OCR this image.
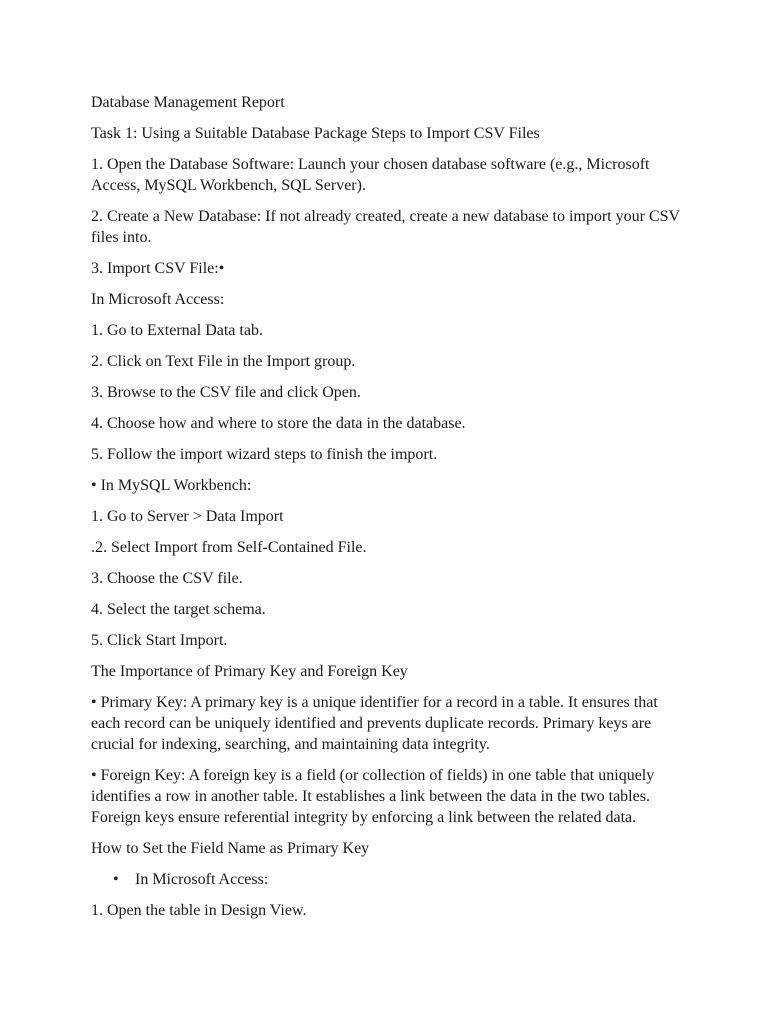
Database Management Report

Task 1: Using a Suitable Database Package Steps to Import CSV Files

1. Open the Database Software: Launch your chosen database software (e.g., Microsoft Access, MySQL Workbench, SQL Server).

2. Create a New Database: If not already created, create a new database to import your CSV files into.

3. Import CSV File:•

In Microsoft Access:

1. Go to External Data tab.

2. Click on Text File in the Import group.

3. Browse to the CSV file and click Open.

4. Choose how and where to store the data in the database.

5. Follow the import wizard steps to finish the import.

• In MySQL Workbench:

1. Go to Server > Data Import

.2. Select Import from Self-Contained File.

3. Choose the CSV file.

4. Select the target schema.

5. Click Start Import.

The Importance of Primary Key and Foreign Key

• Primary Key: A primary key is a unique identifier for a record in a table. It ensures that each record can be uniquely identified and prevents duplicate records. Primary keys are crucial for indexing, searching, and maintaining data integrity.

• Foreign Key: A foreign key is a field (or collection of fields) in one table that uniquely identifies a row in another table. It establishes a link between the data in the two tables. Foreign keys ensure referential integrity by enforcing a link between the related data.

How to Set the Field Name as Primary Key

•	In Microsoft Access:

1. Open the table in Design View.
